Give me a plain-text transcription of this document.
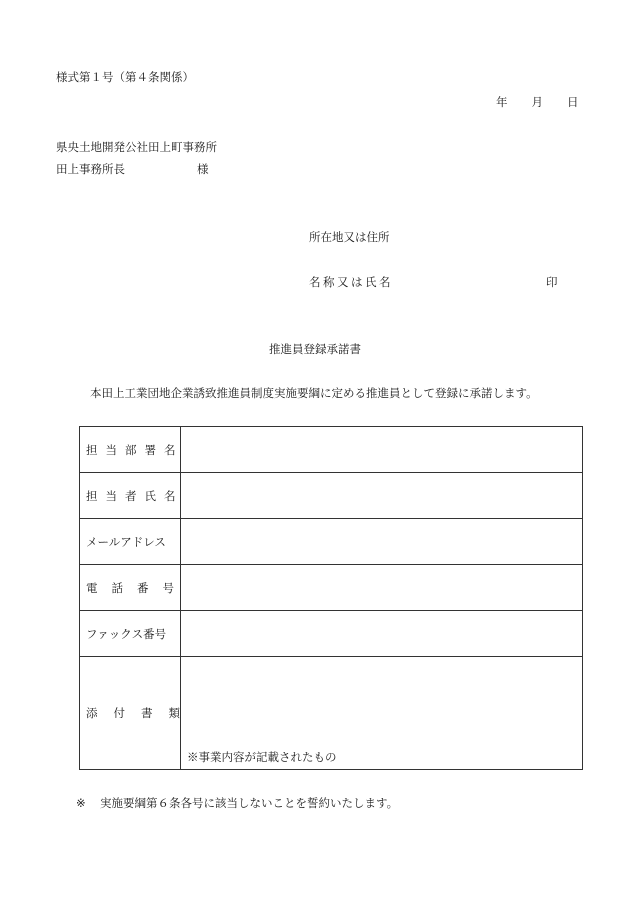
様式第１号（第４条関係）
年 月 日
県央土地開発公社田上町事務所
田上事務所長	様
所在地又は住所
名称又は氏名	印
推進員登録承諾書
本田上工業団地企業誘致推進員制度実施要綱に定める推進員として登録に承諾します。
担当部署名	
担当者氏名	
メールアドレス	
電話番号	
ファックス番号	
添付書類	※事業内容が記載されたもの
※ 実施要綱第６条各号に該当しないことを誓約いたします。
